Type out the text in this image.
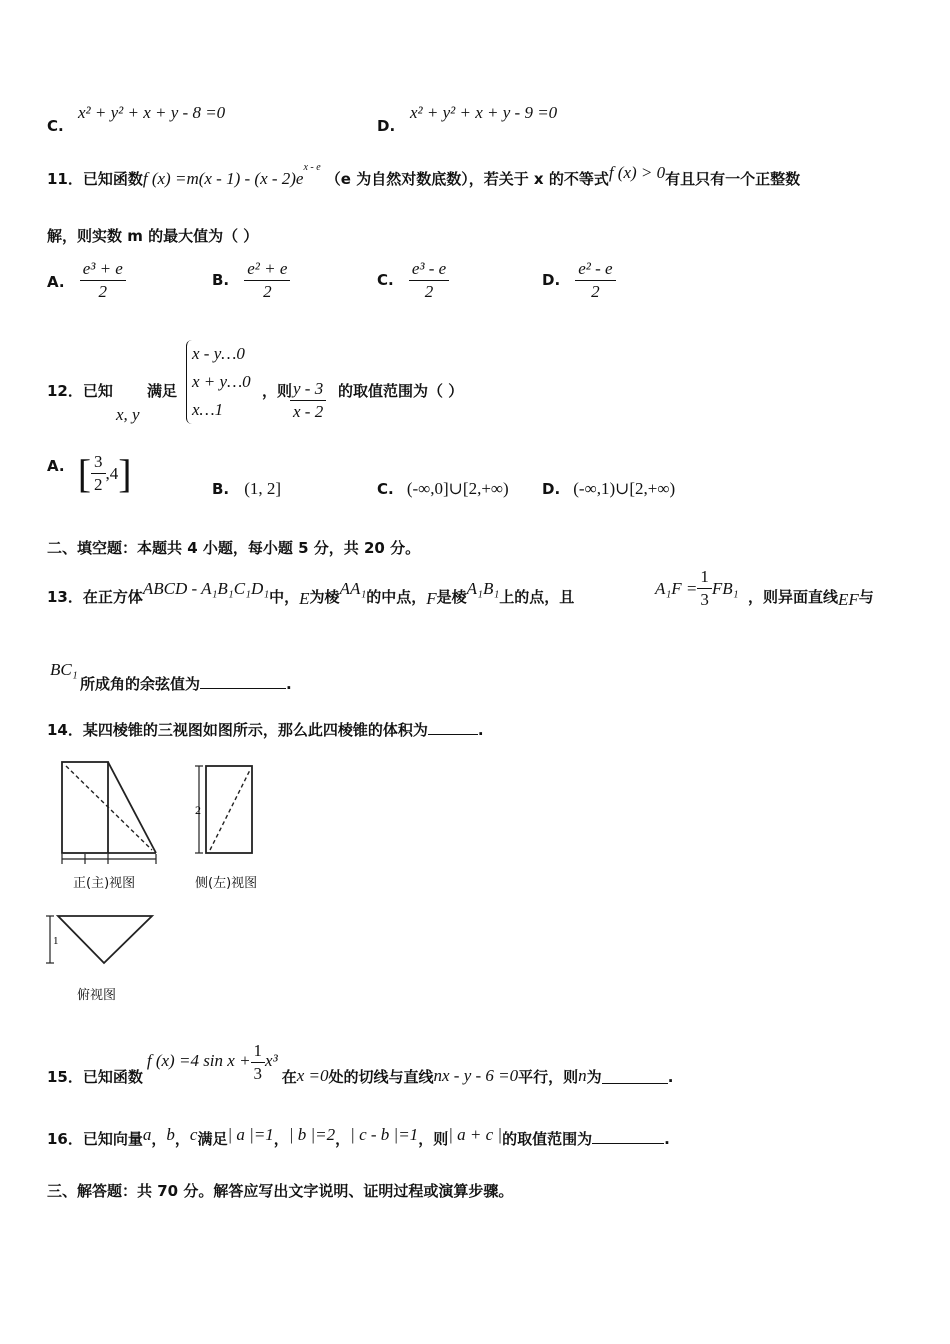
C.
x² + y² + x + y - 8 =0
D.
x² + y² + x + y - 9 =0
11．已知函数f $(x) =m(x - 1) - (x - 2)e^{x - e}$ （e 为自然对数底数），若关于 x 的不等式f (x) > 0有且只有一个正整数
解，则实数 m 的最大值为（ ）
A. $\frac{\text{e³ + e}}{2}$	B. $\frac{\text{e² + e}}{2}$	C. $\frac{\text{e³ - e}}{2}$	D. $\frac{\text{e² - e}}{2}$
12．已知
x, y
满足
x - y…0
x + y…0
x…1
，则
$\frac{y - 3}{x - 2}$ 的取值范围为（ ）
A. [ $\frac{3}{2} ,4$ ]	B. (1, 2]	C. (-∞,0]∪[2,+∞) D. (-∞,1)∪[2,+∞)
二、填空题：本题共 4 小题，每小题 5 分，共 20 分。
13．在正方体ABCD - A₁B₁C₁D₁中，E为棱AA₁的中点，F是棱A₁B₁上的点，且	$A_1F = \frac{1}{3} FB_1$ ，则异面直线EF与
BC₁
所成角的余弦值为	.
14．某四棱锥的三视图如图所示，那么此四棱锥的体积为	.
2
1
正(主)视图	侧(左)视图
俯视图
15．已知函数
f (x) =4 $\sin x + \frac{1}{3} x^3$
在 x =0 处的切线与直线 nx - y - 6 =0 平行，则 n 为	.
16．已知向量a，b，c满足| a |=1，| b |=2，| c - b |=1，则| a + c |的取值范围为	.
三、解答题：共 70 分。解答应写出文字说明、证明过程或演算步骤。
